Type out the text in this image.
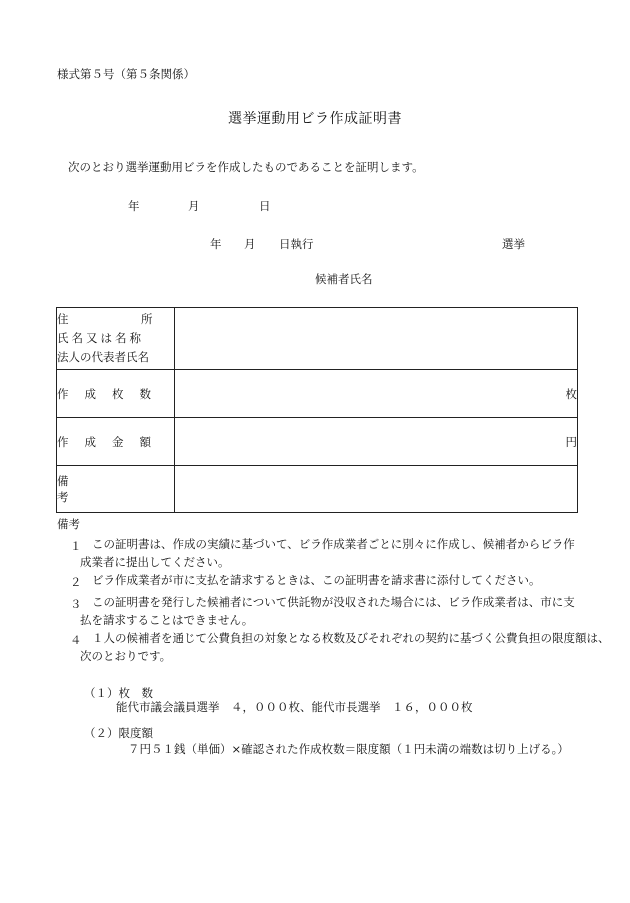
様式第５号（第５条関係）
選挙運動用ビラ作成証明書
次のとおり選挙運動用ビラを作成したものであることを証明します。
年	月	日
年 月 日執行	選挙
候補者氏名
住 所
氏名又は名称
法人の代表者氏名	

作成枚数	枚
作成金額	円
備考	
備考
１ この証明書は、作成の実績に基づいて、ビラ作成業者ごとに別々に作成し、候補者からビラ作
成業者に提出してください。
２ ビラ作成業者が市に支払を請求するときは、この証明書を請求書に添付してください。
３ この証明書を発行した候補者について供託物が没収された場合には、ビラ作成業者は、市に支
払を請求することはできません。
４ １人の候補者を通じて公費負担の対象となる枚数及びそれぞれの契約に基づく公費負担の限度額は、
次のとおりです。
（１）枚　数
能代市議会議員選挙　４，０００枚、能代市長選挙　１６，０００枚
（２）限度額
７円５１銭（単価）×確認された作成枚数＝限度額（１円未満の端数は切り上げる。）
